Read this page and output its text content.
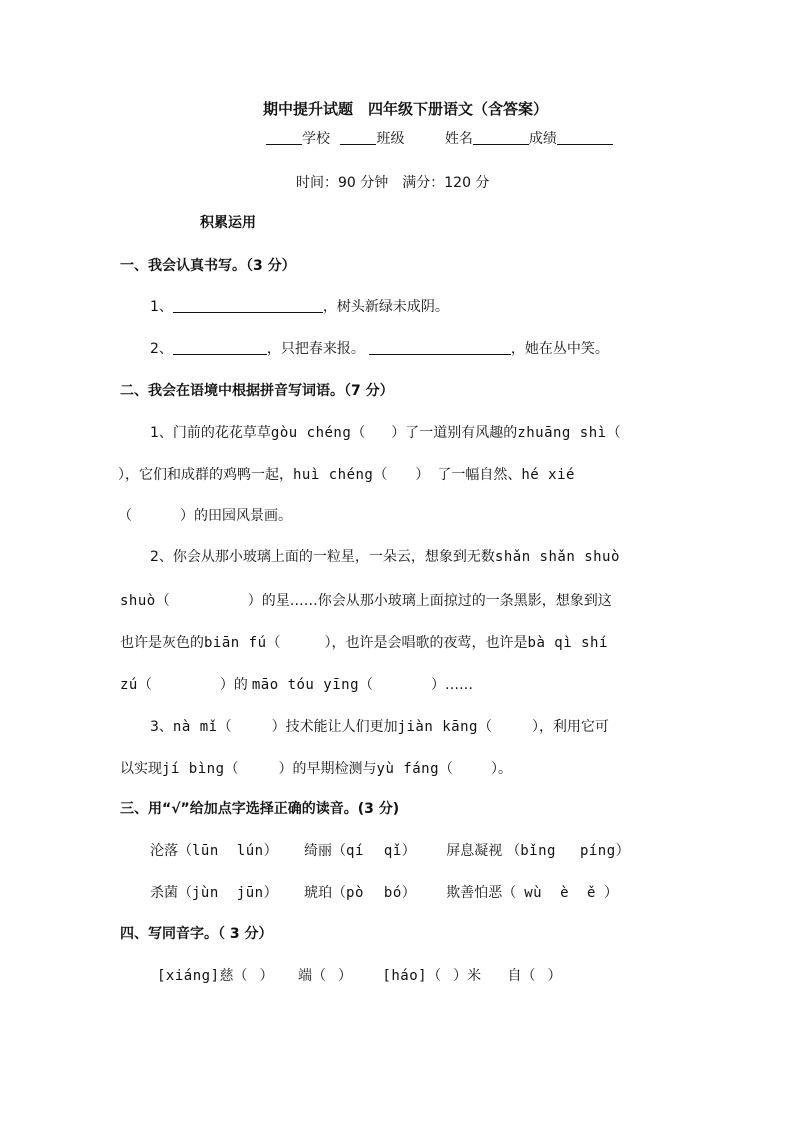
期中提升试题　四年级下册语文（含答案）
学校	班级	姓名	成绩
时间：90 分钟　满分：120 分
积累运用
一、我会认真书写。（3 分）
1、	，树头新绿未成阴。
2、	，只把春来报。	，她在丛中笑。
二、我会在语境中根据拼音写词语。（7 分）
1、门前的花花草草gòu chéng（ ）了一道别有风趣的zhuāng shì（
），它们和成群的鸡鸭一起，huì chéng（ ） 了一幅自然、hé xié
（	）的田园风景画。
2、你会从那小玻璃上面的一粒星，一朵云，想象到无数shǎn shǎn shuò
shuò（	）的星……你会从那小玻璃上面掠过的一条黑影，想象到这
也许是灰色的biān fú（	），也许是会唱歌的夜莺，也许是bà qì shí
zú（	）的 māo tóu yīng（	）……
3、nà mǐ（	）技术能让人们更加jiàn kāng（	），利用它可
以实现jí bìng（	）的早期检测与yù fáng（	）。
三、用“√”给加点字选择正确的读音。(3 分)
沦落（lūn lún） 绮丽（qí qǐ） 屏息凝视 （bǐng píng）
杀菌（jùn jūn） 琥珀（pò bó） 欺善怕恶（ wù è ě ）
四、写同音字。（ 3 分）
[xiáng]慈（ ） 端（ ） [háo]（ ）米 自（ ）
